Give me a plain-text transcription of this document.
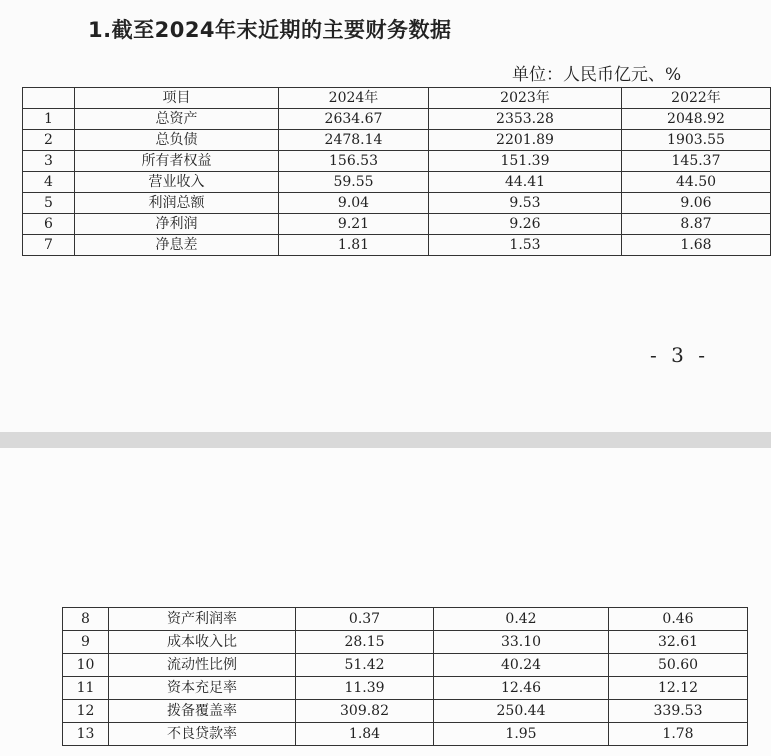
1.截至2024年末近期的主要财务数据
单位：人民币亿元、%
	项目	2024年	2023年	2022年
1	总资产	2634.67	2353.28	2048.92
2	总负债	2478.14	2201.89	1903.55
3	所有者权益	156.53	151.39	145.37
4	营业收入	59.55	44.41	44.50
5	利润总额	9.04	9.53	9.06
6	净利润	9.21	9.26	8.87
7	净息差	1.81	1.53	1.68
- 3 -
8	资产利润率	0.37	0.42	0.46
9	成本收入比	28.15	33.10	32.61
10	流动性比例	51.42	40.24	50.60
11	资本充足率	11.39	12.46	12.12
12	拨备覆盖率	309.82	250.44	339.53
13	不良贷款率	1.84	1.95	1.78
